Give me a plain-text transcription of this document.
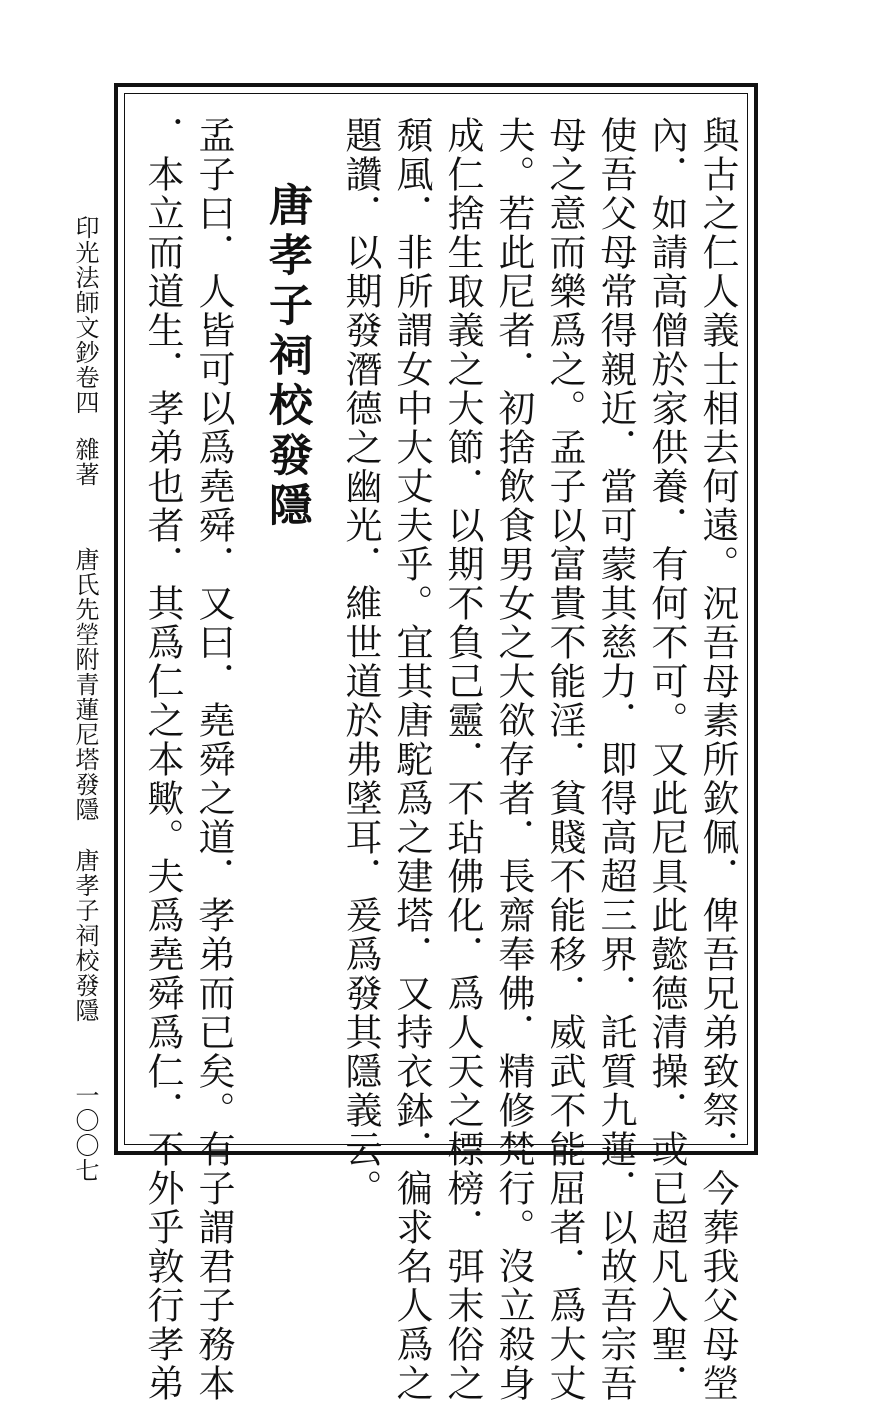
與古之仁人義士相去何遠。況吾母素所欽佩．俾吾兄弟致祭．今葬我父母塋
內．如請高僧於家供養．有何不可。又此尼具此懿德清操．或已超凡入聖．
使吾父母常得親近．當可蒙其慈力．即得高超三界．託質九蓮．以故吾宗吾
母之意而樂爲之。孟子以富貴不能淫．貧賤不能移．威武不能屈者．爲大丈
夫。若此尼者．初捨飲食男女之大欲存者．長齋奉佛．精修梵行。沒立殺身
成仁捨生取義之大節．以期不負己靈．不玷佛化．爲人天之標榜．弭末俗之
頹風．非所謂女中大丈夫乎。宜其唐駝爲之建塔．又持衣鉢．徧求名人爲之
題讚．以期發潛德之幽光．維世道於弗墜耳．爰爲發其隱義云。
唐孝子祠校發隱
孟子曰．人皆可以爲堯舜．又曰．堯舜之道．孝弟而已矣。有子謂君子務本
．本立而道生．孝弟也者．其爲仁之本歟。夫爲堯舜爲仁．不外乎敦行孝弟
印光法師文鈔卷四雜著唐氏先塋附青蓮尼塔發隱唐孝子祠校發隱一〇〇七
